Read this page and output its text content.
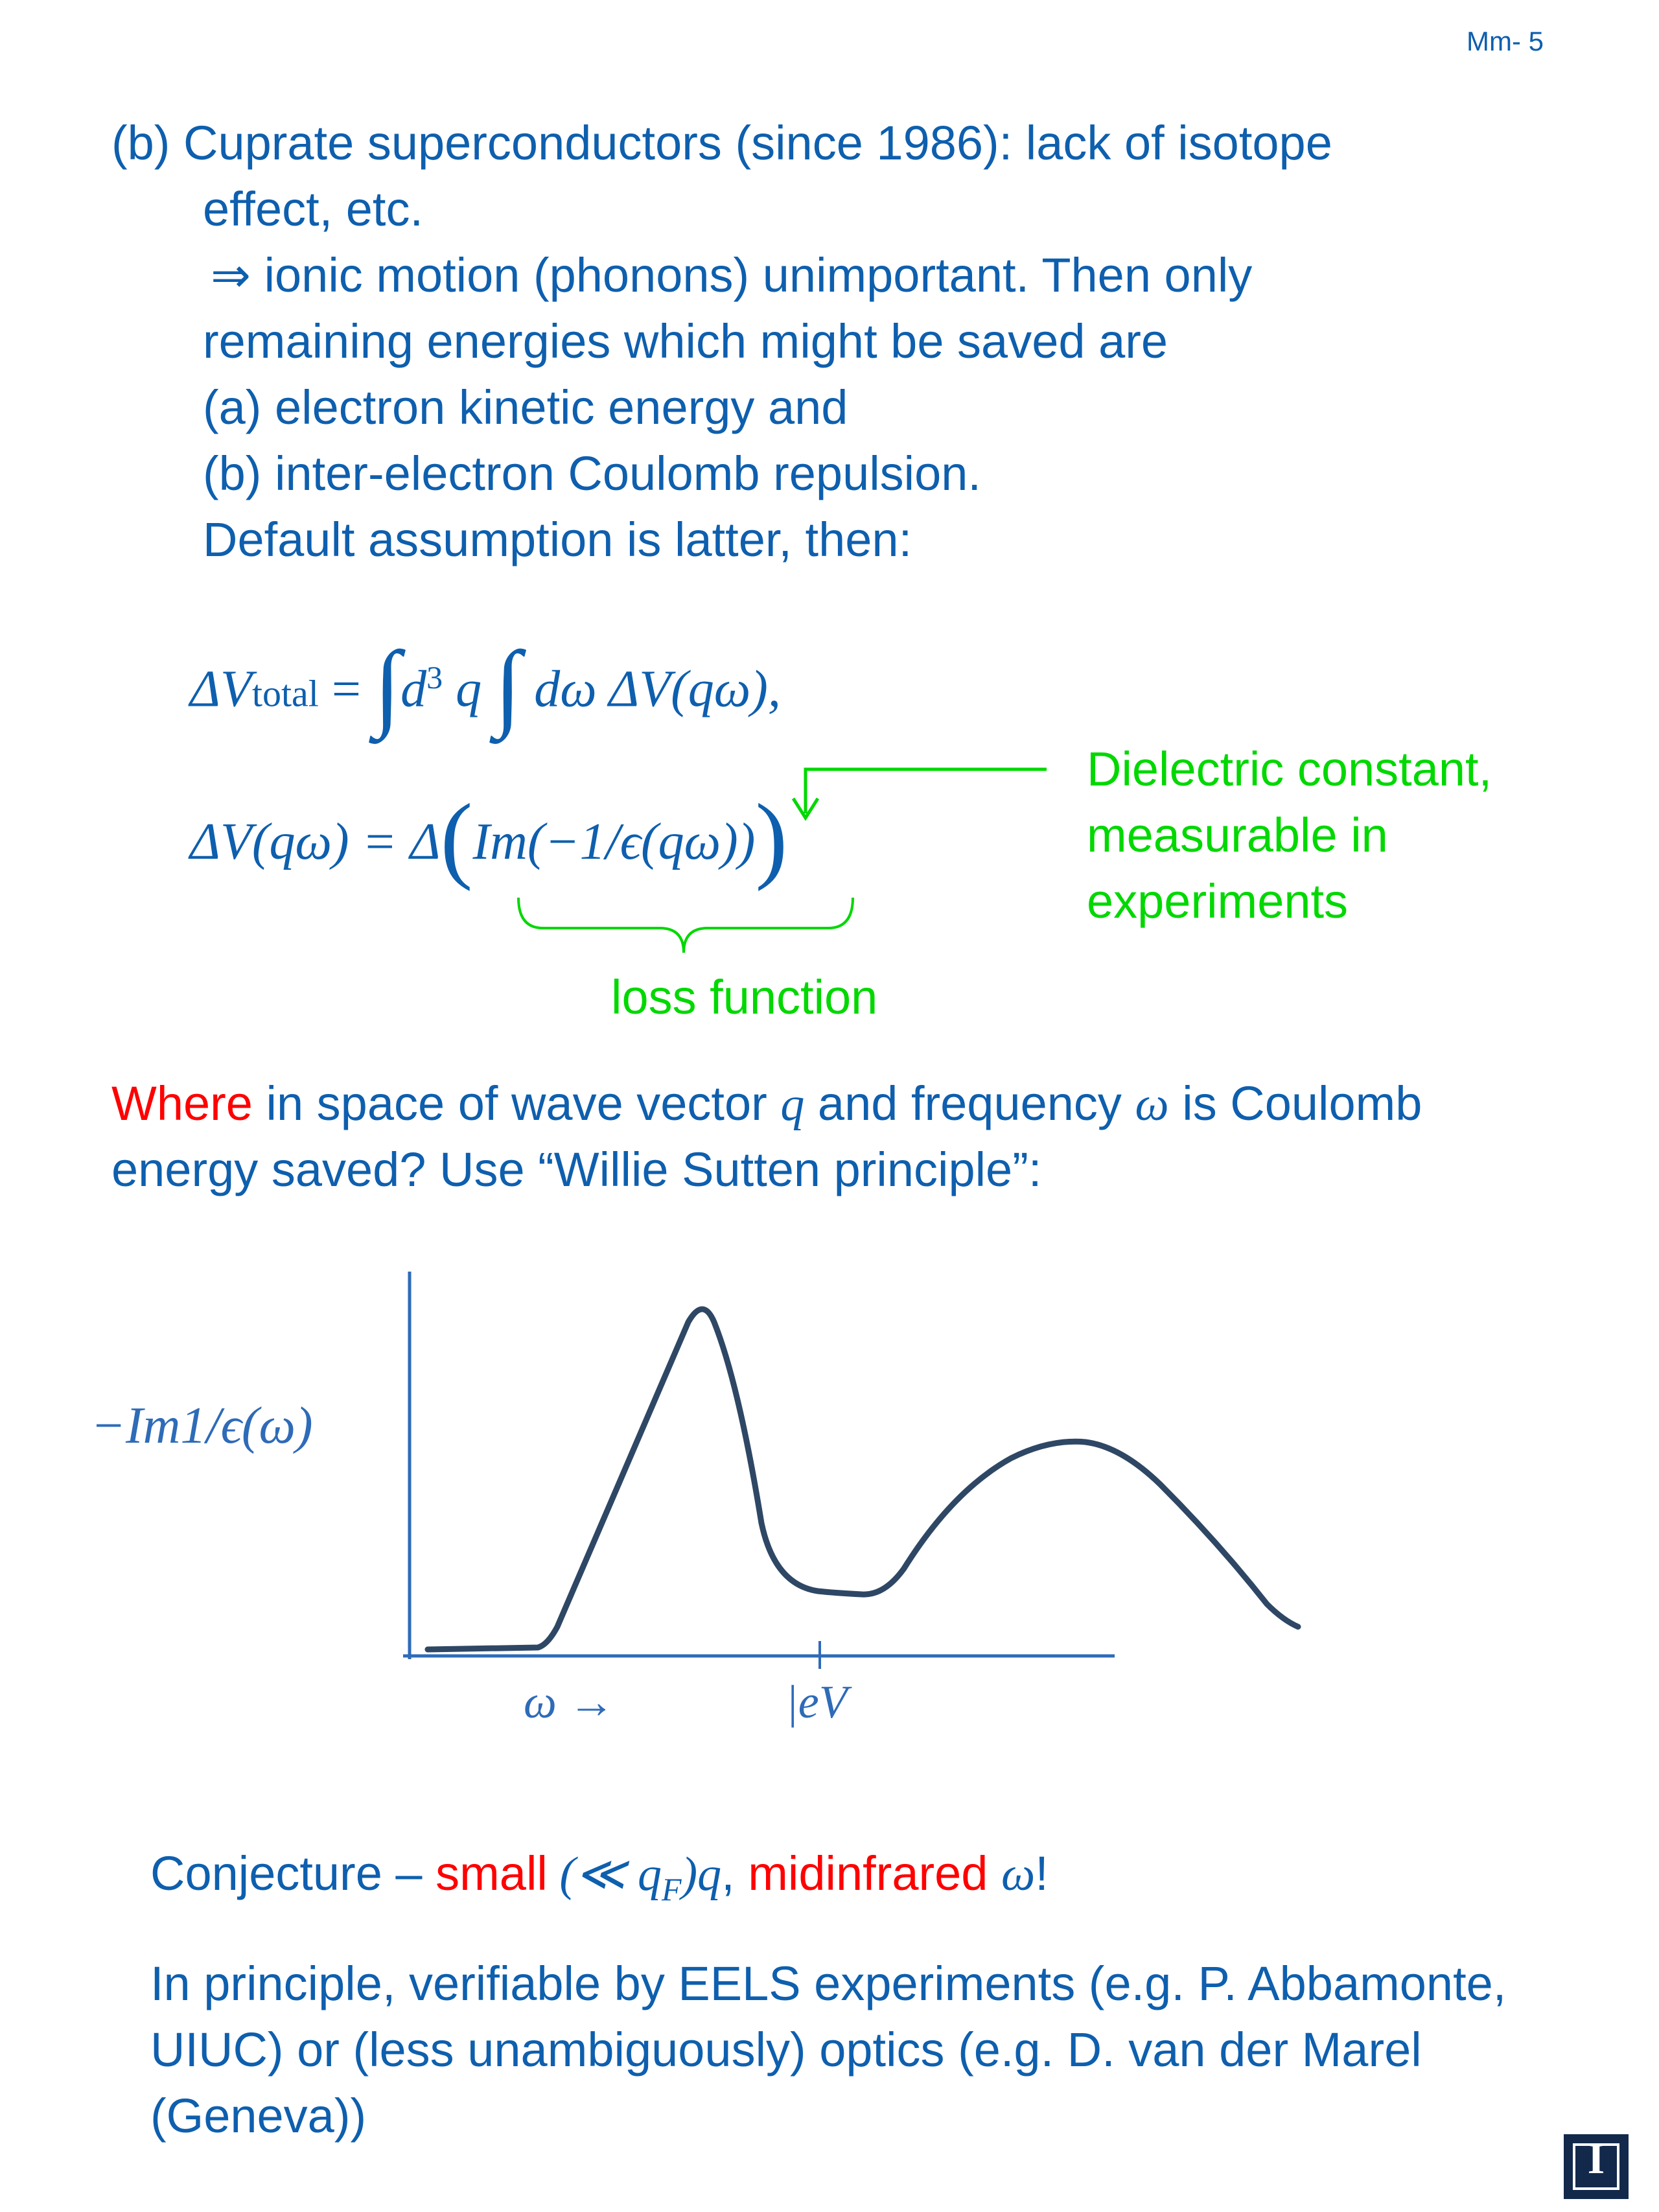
Mm- 5
(b) Cuprate superconductors (since 1986): lack of isotope
effect, etc.
⇒ ionic motion (phonons) unimportant. Then only
remaining energies which might be saved are
(a) electron kinetic energy and
(b) inter-electron Coulomb repulsion.
Default assumption is latter, then:
ΔVtotal = $\int d^3$ q ∫ dω ΔV(qω),
ΔV(qω) = Δ(Im(−1/ϵ(qω)))
Dielectric constant,
measurable in
experiments
loss function
Where in space of wave vector q and frequency ω is Coulomb
energy saved? Use “Willie Sutten principle”:
−Im1/ϵ(ω)
ω →	|eV
Conjecture – small (≪ $q_F)q$, midinfrared ω!
In principle, verifiable by EELS experiments (e.g. P. Abbamonte,
UIUC) or (less unambiguously) optics (e.g. D. van der Marel
(Geneva))
I
